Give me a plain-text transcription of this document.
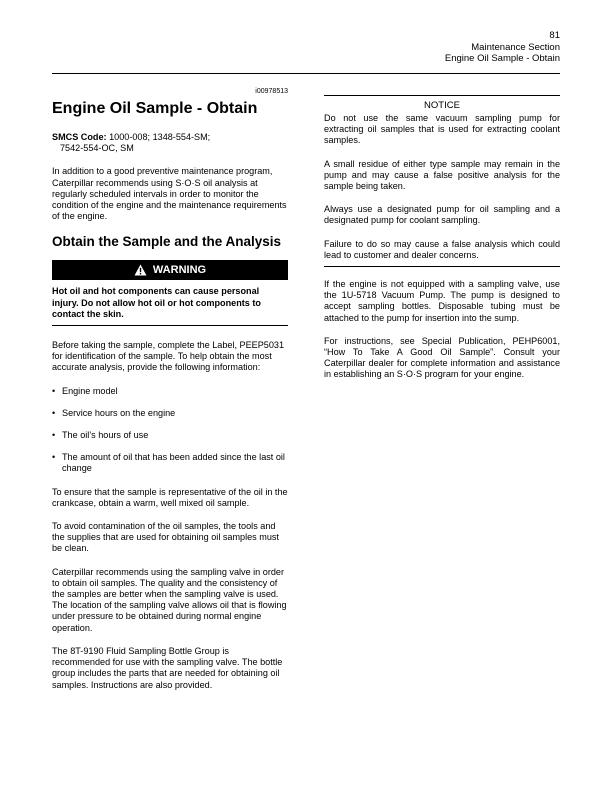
81
Maintenance Section
Engine Oil Sample - Obtain
i00978513
Engine Oil Sample - Obtain
SMCS Code: 1000-008; 1348-554-SM;
7542-554-OC, SM

In addition to a good preventive maintenance program, Caterpillar recommends using S·O·S oil analysis at regularly scheduled intervals in order to monitor the condition of the engine and the maintenance requirements of the engine.

Obtain the Sample and the Analysis
WARNING

Hot oil and hot components can cause personal injury. Do not allow hot oil or hot components to contact the skin.

Before taking the sample, complete the Label, PEEP5031 for identification of the sample. To help obtain the most accurate analysis, provide the following information:

• Engine model
• Service hours on the engine
• The oil’s hours of use
• The amount of oil that has been added since the last oil change

To ensure that the sample is representative of the oil in the crankcase, obtain a warm, well mixed oil sample.

To avoid contamination of the oil samples, the tools and the supplies that are used for obtaining oil samples must be clean.

Caterpillar recommends using the sampling valve in order to obtain oil samples. The quality and the consistency of the samples are better when the sampling valve is used. The location of the sampling valve allows oil that is flowing under pressure to be obtained during normal engine operation.

The 8T-9190 Fluid Sampling Bottle Group is recommended for use with the sampling valve. The bottle group includes the parts that are needed for obtaining oil samples. Instructions are also provided.

NOTICE

Do not use the same vacuum sampling pump for extracting oil samples that is used for extracting coolant samples.

A small residue of either type sample may remain in the pump and may cause a false positive analysis for the sample being taken.

Always use a designated pump for oil sampling and a designated pump for coolant sampling.

Failure to do so may cause a false analysis which could lead to customer and dealer concerns.

If the engine is not equipped with a sampling valve, use the 1U-5718 Vacuum Pump. The pump is designed to accept sampling bottles. Disposable tubing must be attached to the pump for insertion into the sump.

For instructions, see Special Publication, PEHP6001, “How To Take A Good Oil Sample”. Consult your Caterpillar dealer for complete information and assistance in establishing an S·O·S program for your engine.
